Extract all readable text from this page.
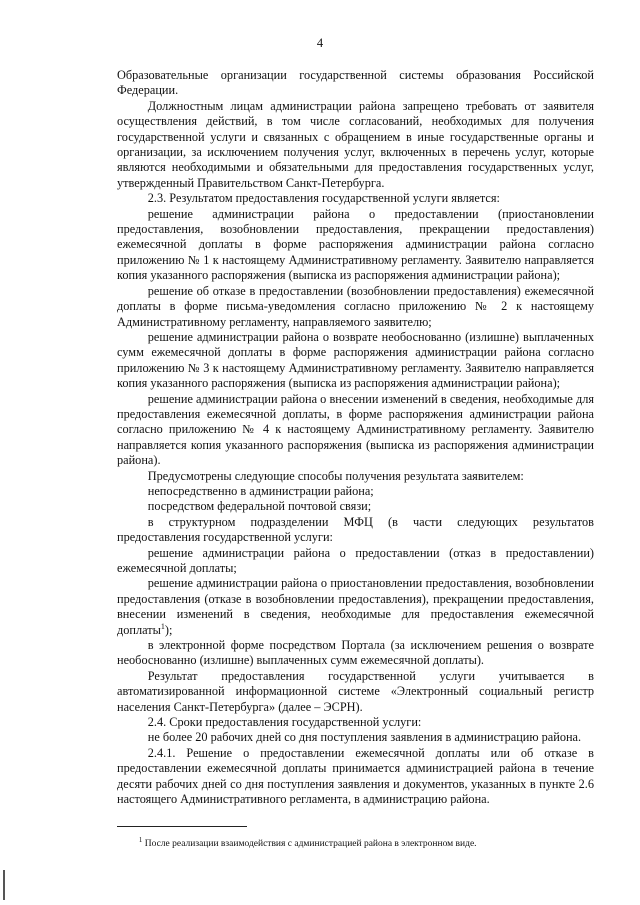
4

Образовательные организации государственной системы образования Российской Федерации.

Должностным лицам администрации района запрещено требовать от заявителя осуществления действий, в том числе согласований, необходимых для получения государственной услуги и связанных с обращением в иные государственные органы и организации, за исключением получения услуг, включенных в перечень услуг, которые являются необходимыми и обязательными для предоставления государственных услуг, утвержденный Правительством Санкт-Петербурга.

2.3. Результатом предоставления государственной услуги является:

решение администрации района о предоставлении (приостановлении предоставления, возобновлении предоставления, прекращении предоставления) ежемесячной доплаты в форме распоряжения администрации района согласно приложению № 1 к настоящему Административному регламенту. Заявителю направляется копия указанного распоряжения (выписка из распоряжения администрации района);

решение об отказе в предоставлении (возобновлении предоставления) ежемесячной доплаты в форме письма-уведомления согласно приложению № 2 к настоящему Административному регламенту, направляемого заявителю;

решение администрации района о возврате необоснованно (излишне) выплаченных сумм ежемесячной доплаты в форме распоряжения администрации района согласно приложению № 3 к настоящему Административному регламенту. Заявителю направляется копия указанного распоряжения (выписка из распоряжения администрации района);

решение администрации района о внесении изменений в сведения, необходимые для предоставления ежемесячной доплаты, в форме распоряжения администрации района согласно приложению № 4 к настоящему Административному регламенту. Заявителю направляется копия указанного распоряжения (выписка из распоряжения администрации района).

Предусмотрены следующие способы получения результата заявителем:

непосредственно в администрации района;

посредством федеральной почтовой связи;

в структурном подразделении МФЦ (в части следующих результатов предоставления государственной услуги:

решение администрации района о предоставлении (отказ в предоставлении) ежемесячной доплаты;

решение администрации района о приостановлении предоставления, возобновлении предоставления (отказе в возобновлении предоставления), прекращении предоставления, внесении изменений в сведения, необходимые для предоставления ежемесячной доплаты$^1$);

в электронной форме посредством Портала (за исключением решения о возврате необоснованно (излишне) выплаченных сумм ежемесячной доплаты).

Результат предоставления государственной услуги учитывается в автоматизированной информационной системе «Электронный социальный регистр населения Санкт-Петербурга» (далее – ЭСРН).

2.4. Сроки предоставления государственной услуги:

не более 20 рабочих дней со дня поступления заявления в администрацию района.

2.4.1. Решение о предоставлении ежемесячной доплаты или об отказе в предоставлении ежемесячной доплаты принимается администрацией района в течение десяти рабочих дней со дня поступления заявления и документов, указанных в пункте 2.6 настоящего Административного регламента, в администрацию района.

$^1$ После реализации взаимодействия с администрацией района в электронном виде.
